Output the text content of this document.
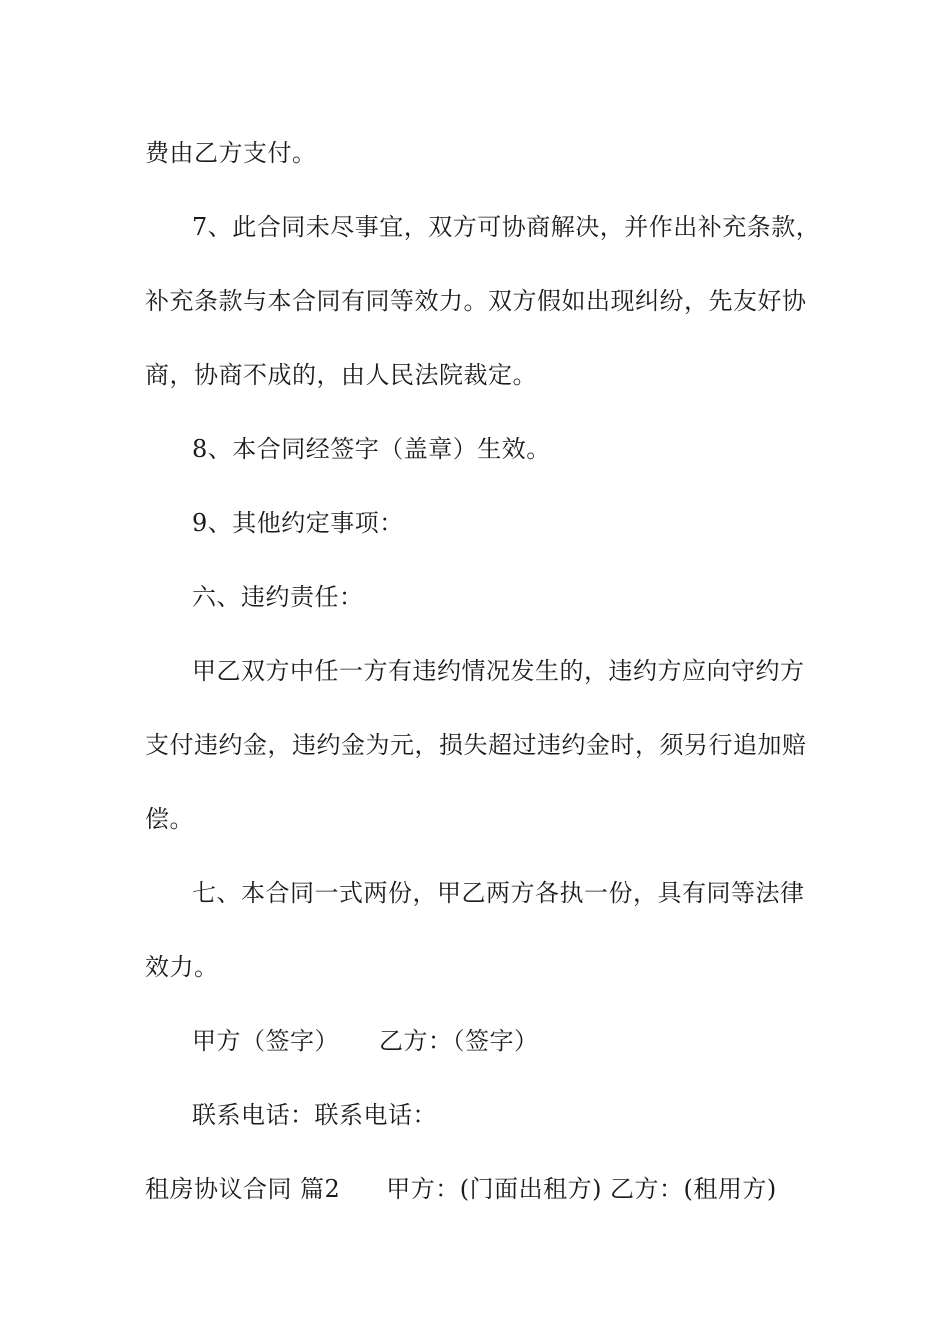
费由乙方支付。
7、此合同未尽事宜，双方可协商解决，并作出补充条款，
补充条款与本合同有同等效力。双方假如出现纠纷，先友好协
商，协商不成的，由人民法院裁定。
8、本合同经签字（盖章）生效。
9、其他约定事项：
六、违约责任：
甲乙双方中任一方有违约情况发生的，违约方应向守约方
支付违约金，违约金为元，损失超过违约金时，须另行追加赔
偿。
七、本合同一式两份，甲乙两方各执一份，具有同等法律
效力。
甲方（签字） 乙方：（签字）
联系电话：联系电话：
租房协议合同 篇2 甲方：(门面出租方) 乙方：(租用方)
